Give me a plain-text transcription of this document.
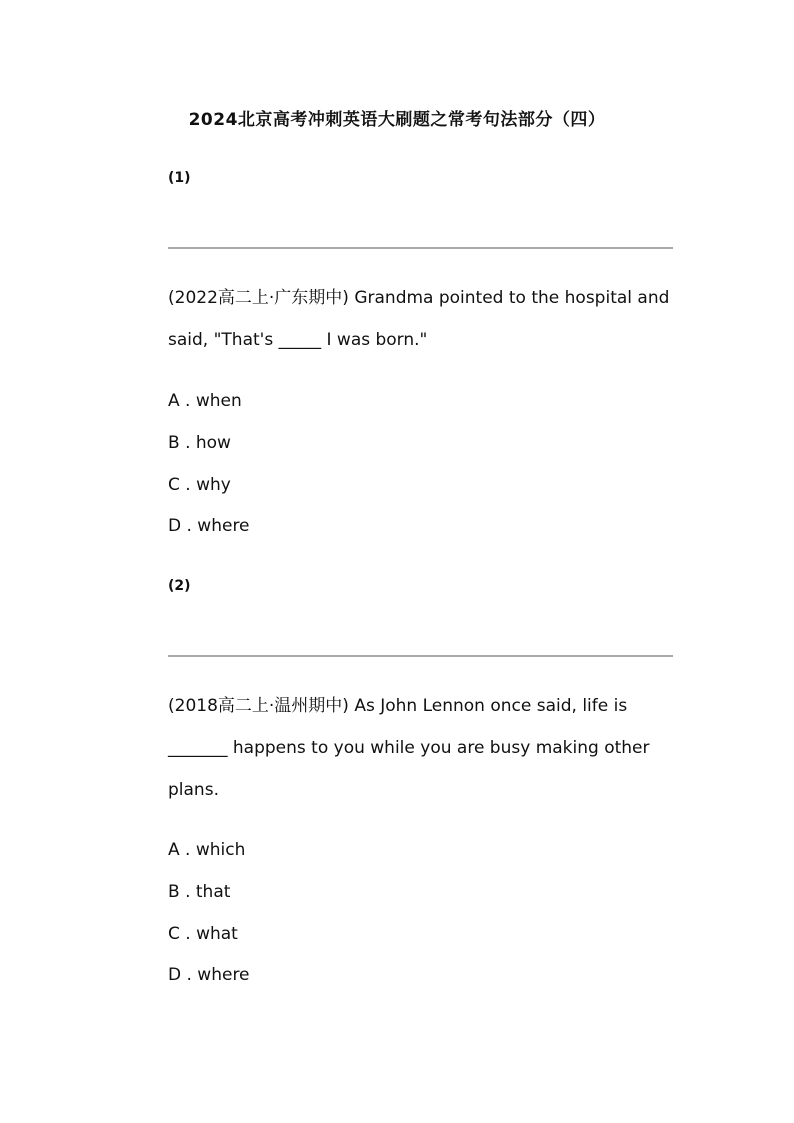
2024北京高考冲刺英语大刷题之常考句法部分（四）
(1)

(2022高二上·广东期中) Grandma pointed to the hospital and said, "That's _____ I was born."

A . when
B . how
C . why
D . where
(2)

(2018高二上·温州期中) As John Lennon once said, life is _______ happens to you while you are busy making other plans.

A . which
B . that
C . what
D . where
